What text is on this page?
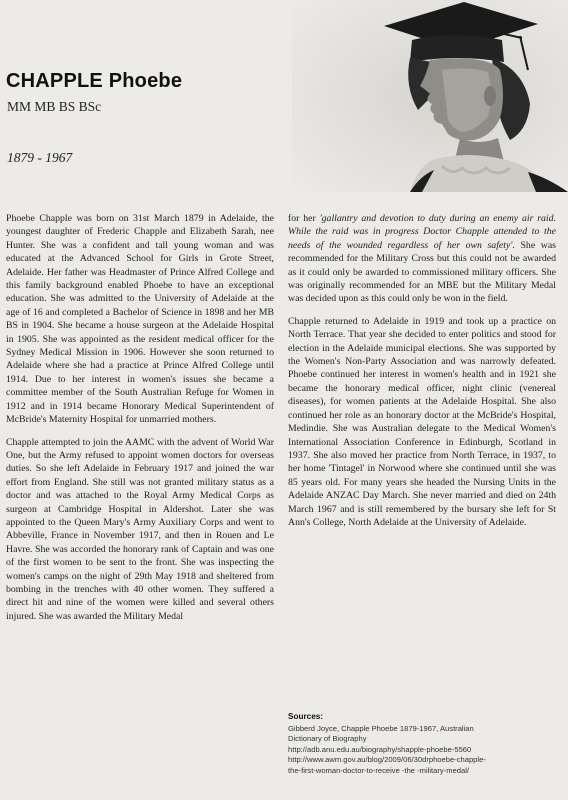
CHAPPLE Phoebe
MM MB BS BSc
1879 - 1967

Phoebe Chapple was born on 31st March 1879 in Adelaide, the youngest daughter of Frederic Chapple and Elizabeth Sarah, nee Hunter. She was a confident and tall young woman and was educated at the Advanced School for Girls in Grote Street, Adelaide. Her father was Headmaster of Prince Alfred College and this family background enabled Phoebe to have an exceptional education. She was admitted to the University of Adelaide at the age of 16 and completed a Bachelor of Science in 1898 and her MB BS in 1904. She became a house surgeon at the Adelaide Hospital in 1905. She was appointed as the resident medical officer for the Sydney Medical Mission in 1906. However she soon returned to Adelaide where she had a practice at Prince Alfred College until 1914. Due to her interest in women's issues she became a committee member of the South Australian Refuge for Women in 1912 and in 1914 became Honorary Medical Superintendent of McBride's Maternity Hospital for unmarried mothers.

Chapple attempted to join the AAMC with the advent of World War One, but the Army refused to appoint women doctors for overseas duties. So she left Adelaide in February 1917 and joined the war effort from England. She still was not granted military status as a doctor and was attached to the Royal Army Medical Corps as surgeon at Cambridge Hospital in Aldershot. Later she was appointed to the Queen Mary's Army Auxiliary Corps and went to Abbeville, France in November 1917, and then in Rouen and Le Havre. She was accorded the honorary rank of Captain and was one of the first women to be sent to the front. She was inspecting the women's camps on the night of 29th May 1918 and sheltered from bombing in the trenches with 40 other women. They suffered a direct hit and nine of the women were killed and several others injured. She was awarded the Military Medal

for her 'gallantry and devotion to duty during an enemy air raid. While the raid was in progress Doctor Chapple attended to the needs of the wounded regardless of her own safety'. She was recommended for the Military Cross but this could not be awarded as it could only be awarded to commissioned military officers. She was originally recommended for an MBE but the Military Medal was decided upon as this could only be won in the field.

Chapple returned to Adelaide in 1919 and took up a practice on North Terrace. That year she decided to enter politics and stood for election in the Adelaide municipal elections. She was supported by the Women's Non-Party Association and was narrowly defeated. Phoebe continued her interest in women's health and in 1921 she became the honorary medical officer, night clinic (venereal diseases), for women patients at the Adelaide Hospital. She also continued her role as an honorary doctor at the McBride's Hospital, Medindie. She was Australian delegate to the Medical Women's International Association Conference in Edinburgh, Scotland in 1937. She also moved her practice from North Terrace, in 1937, to her home 'Tintagel' in Norwood where she continued until she was 85 years old. For many years she headed the Nursing Units in the Adelaide ANZAC Day March. She never married and died on 24th March 1967 and is still remembered by the bursary she left for St Ann's College, North Adelaide at the University of Adelaide.

Sources:
Gibberd Joyce, Chapple Phoebe 1879-1967, Australian
Dictionary of Biography
http://adb.anu.edu.au/biography/shapple-phoebe-5560
http://www.awm.gov.au/blog/2009/06/30drphoebe-chapple-
the-first-woman-doctor-to-receive -the -military-medal/
